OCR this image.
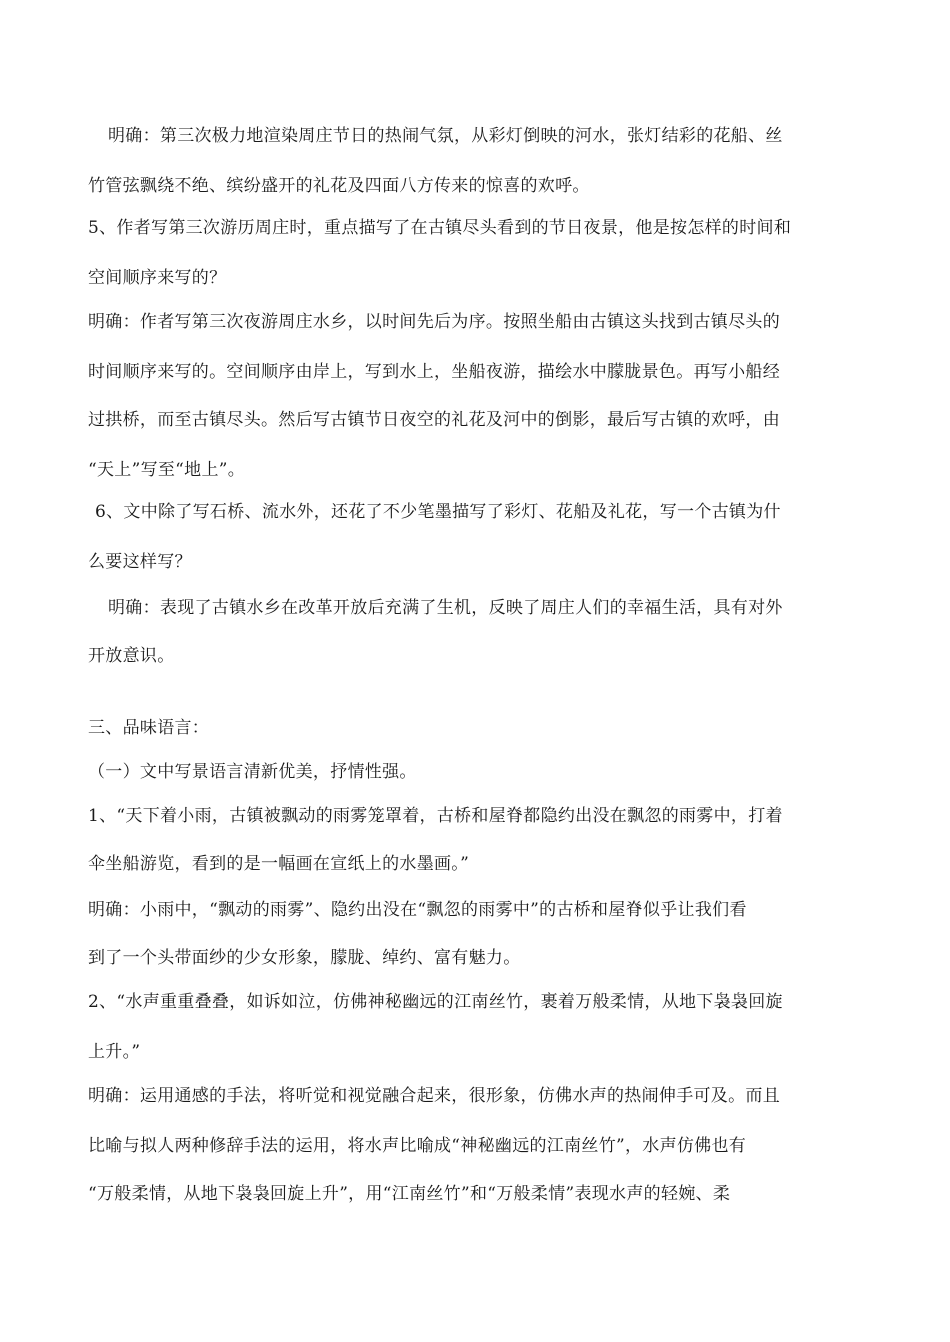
明确：第三次极力地渲染周庄节日的热闹气氛，从彩灯倒映的河水，张灯结彩的花船、丝
竹管弦飘绕不绝、缤纷盛开的礼花及四面八方传来的惊喜的欢呼。
5、作者写第三次游历周庄时，重点描写了在古镇尽头看到的节日夜景，他是按怎样的时间和
空间顺序来写的？
明确：作者写第三次夜游周庄水乡，以时间先后为序。按照坐船由古镇这头找到古镇尽头的
时间顺序来写的。空间顺序由岸上，写到水上，坐船夜游，描绘水中朦胧景色。再写小船经
过拱桥，而至古镇尽头。然后写古镇节日夜空的礼花及河中的倒影，最后写古镇的欢呼，由
“天上”写至“地上”。
6、文中除了写石桥、流水外，还花了不少笔墨描写了彩灯、花船及礼花，写一个古镇为什
么要这样写？
明确：表现了古镇水乡在改革开放后充满了生机，反映了周庄人们的幸福生活，具有对外
开放意识。
三、品味语言：
（一）文中写景语言清新优美，抒情性强。
1、“天下着小雨，古镇被飘动的雨雾笼罩着，古桥和屋脊都隐约出没在飘忽的雨雾中，打着
伞坐船游览，看到的是一幅画在宣纸上的水墨画。”
明确：小雨中，“飘动的雨雾”、隐约出没在“飘忽的雨雾中”的古桥和屋脊似乎让我们看
到了一个头带面纱的少女形象，朦胧、绰约、富有魅力。
2、“水声重重叠叠，如诉如泣，仿佛神秘幽远的江南丝竹，裹着万般柔情，从地下袅袅回旋
上升。”
明确：运用通感的手法，将听觉和视觉融合起来，很形象，仿佛水声的热闹伸手可及。而且
比喻与拟人两种修辞手法的运用，将水声比喻成“神秘幽远的江南丝竹”，水声仿佛也有
“万般柔情，从地下袅袅回旋上升”，用“江南丝竹”和“万般柔情”表现水声的轻婉、柔
